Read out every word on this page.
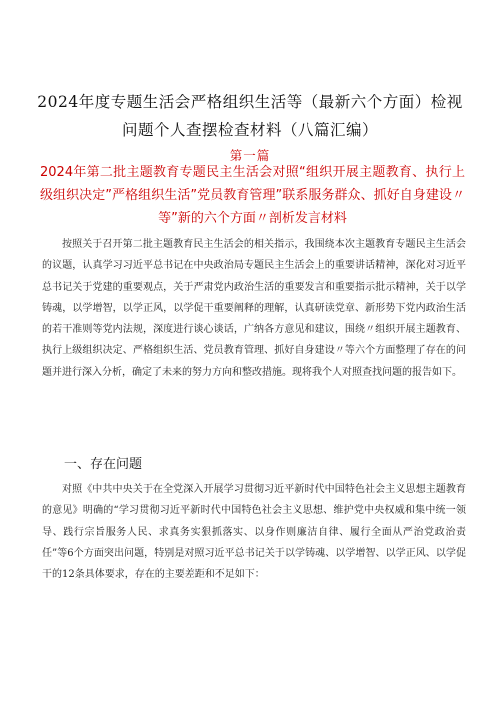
2024年度专题生活会严格组织生活等（最新六个方面）检视问题个人查摆检查材料（八篇汇编）
第一篇
2024年第二批主题教育专题民主生活会对照“组织开展主题教育、执行上级组织决定”严格组织生活”党员教育管理”联系服务群众、抓好自身建设〃等”新的六个方面〃剖析发言材料
按照关于召开第二批主题教育民主生活会的相关指示，我围绕本次主题教育专题民主生活会的议题，认真学习习近平总书记在中央政治局专题民主生活会上的重要讲话精神，深化对习近平总书记关于党建的重要观点，关于严肃党内政治生活的重要发言和重要指示批示精神，关于以学铸魂，以学增智，以学正风，以学促干重要阐释的理解，认真研读党章、新形势下党内政治生活的若干准则等党内法规，深度进行谈心谈话，广纳各方意见和建议，围绕〃组织开展主题教育、执行上级组织决定、严格组织生活、党员教育管理、抓好自身建设〃等六个方面整理了存在的问题并进行深入分析，确定了未来的努力方向和整改措施。现将我个人对照查找问题的报告如下。
一、存在问题
对照《中共中央关于在全党深入开展学习贯彻习近平新时代中国特色社会主义思想主题教育的意见》明确的“学习贯彻习近平新时代中国特色社会主义思想、维护党中央权威和集中统一领导、践行宗旨服务人民、求真务实狠抓落实、以身作则廉洁自律、履行全面从严治党政治责任”等6个方面突出问题，特别是对照习近平总书记关于以学铸魂、以学增智、以学正风、以学促干的12条具体要求，存在的主要差距和不足如下：
